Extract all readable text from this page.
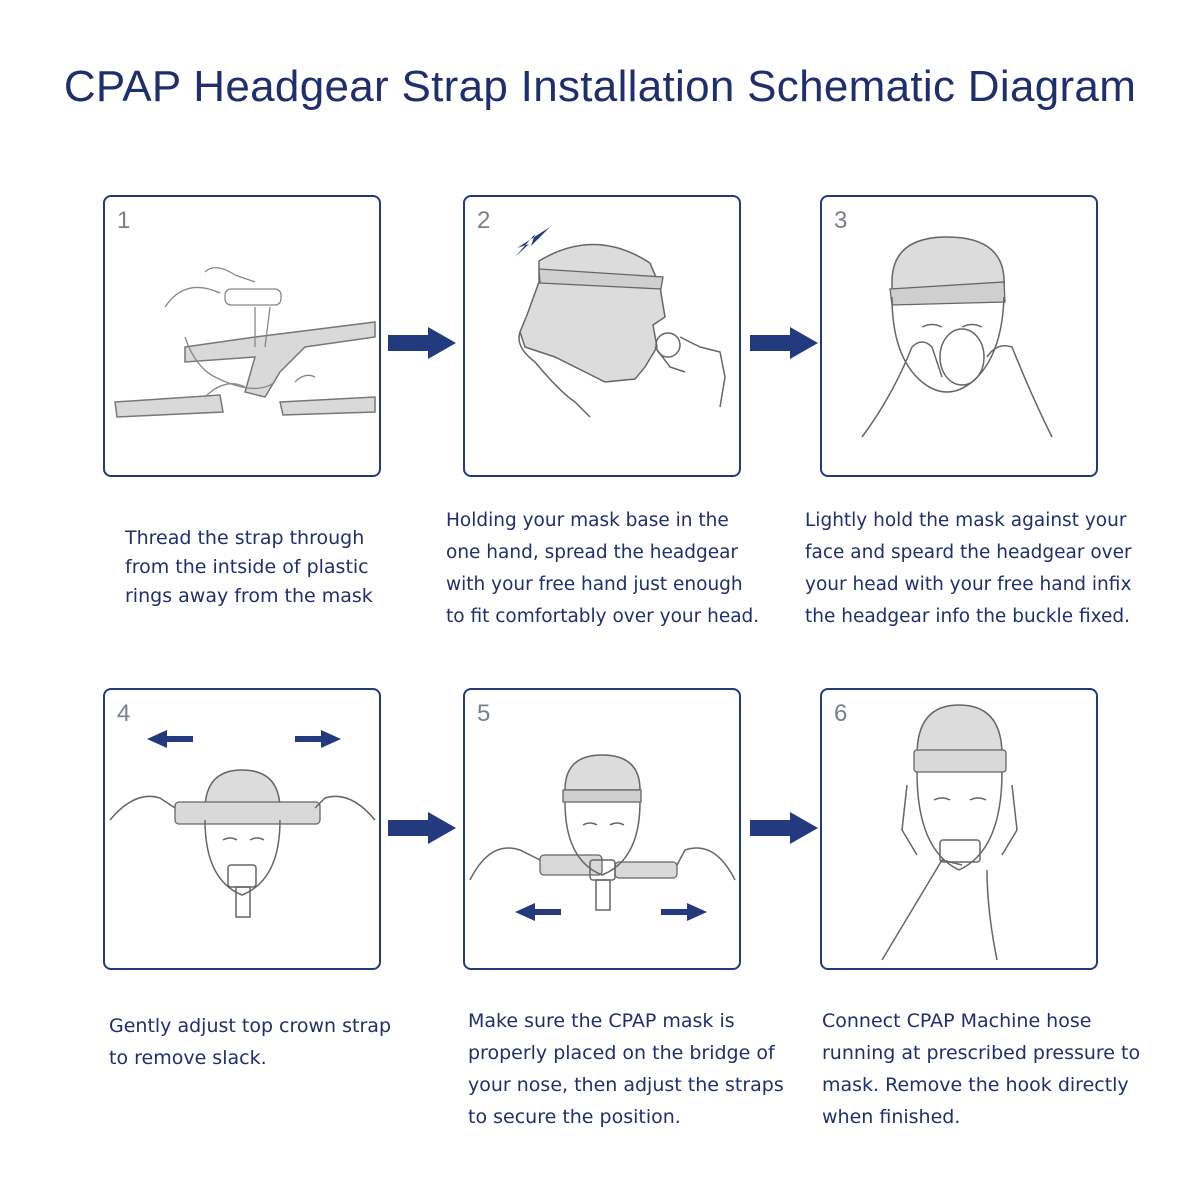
CPAP Headgear Strap Installation Schematic Diagram
1	2	3
4	5	6

Thread the strap through

from the intside of plastic

rings away from the mask

Holding your mask base in the

one hand, spread the headgear

with your free hand just enough

to fit comfortably over your head.

Lightly hold the mask against your

face and speard the headgear over

your head with your free hand infix

the headgear info the buckle fixed.

Gently adjust top crown strap

to remove slack.

Make sure the CPAP mask is

properly placed on the bridge of

your nose, then adjust the straps

to secure the position.

Connect CPAP Machine hose

running at prescribed pressure to

mask. Remove the hook directly

when finished.
